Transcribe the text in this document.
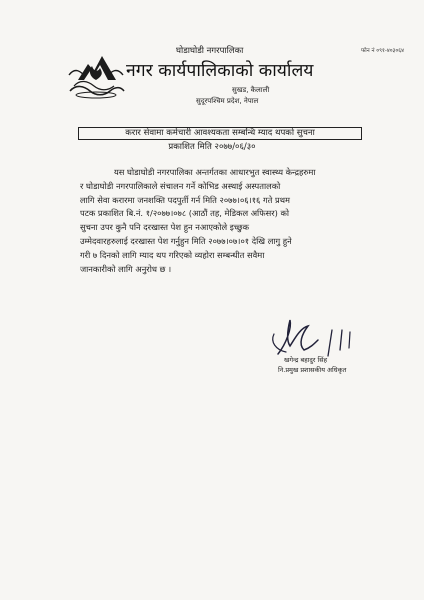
घोडाघोडी नगरपालिका	फोन नं ०९१-४०३०६४
नगर कार्यपालिकाको कार्यालय
सुखड, कैलाली
सुदूरपश्चिम प्रदेश, नेपाल
करार सेवामा कर्मचारी आवश्यकता सम्बन्धि म्याद थपको सुचना
प्रकाशित मिति २०७७/०६/३०
यस घोडाघोडी नगरपालिका अन्तर्गतका आधारभुत स्वास्थ्य केन्द्रहरुमा
र घोडाघोडी नगरपालिकाले संचालन गर्ने कोभिड अस्थाई अस्पतालको
लागि सेवा करारमा जनशक्ति पदपुर्ती गर्न मिति २०७७।०६।१६ गते प्रथम
पटक प्रकाशित बि.नं. १/२०७७।०७८ (आठौं तह, मेडिकल अफिसर) को
सुचना उपर कुनै पनि दरखास्त पेश हुन नआएकोले इच्छुक
उम्मेदवारहरुलाई दरखास्त पेश गर्नुहुन मिति २०७७।०७।०१ देखि लागु हुने
गरी ७ दिनको लागि म्याद थप गरिएको व्यहोरा सम्बन्धीत सवैमा
जानकारीको लागि अनुरोध छ ।
खगेन्द्र बहादुर सिंह
नि.प्रमुख प्रशासकीय अधिकृत
